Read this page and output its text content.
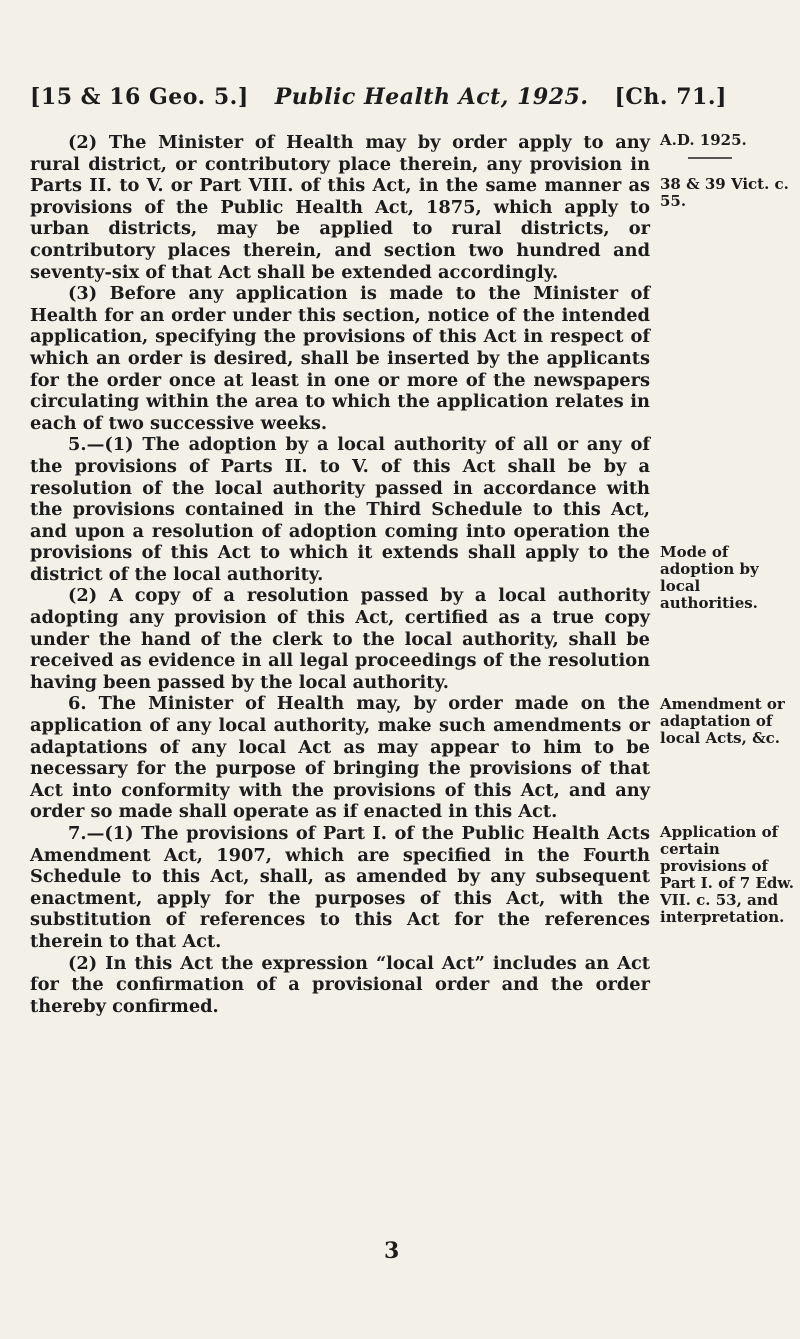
[15 & 16 Geo. 5.] Public Health Act, 1925. [Ch. 71.]

(2) The Minister of Health may by order apply to any rural district, or contributory place therein, any provision in Parts II. to V. or Part VIII. of this Act, in the same manner as provisions of the Public Health Act, 1875, which apply to urban districts, may be applied to rural districts, or contributory places therein, and section two hundred and seventy-six of that Act shall be extended accordingly.

(3) Before any application is made to the Minister of Health for an order under this section, notice of the intended application, specifying the provisions of this Act in respect of which an order is desired, shall be inserted by the applicants for the order once at least in one or more of the newspapers circulating within the area to which the application relates in each of two successive weeks.

5.—(1) The adoption by a local authority of all or any of the provisions of Parts II. to V. of this Act shall be by a resolution of the local authority passed in accordance with the provisions contained in the Third Schedule to this Act, and upon a resolution of adoption coming into operation the provisions of this Act to which it extends shall apply to the district of the local authority.

(2) A copy of a resolution passed by a local authority adopting any provision of this Act, certified as a true copy under the hand of the clerk to the local authority, shall be received as evidence in all legal proceedings of the resolution having been passed by the local authority.

6. The Minister of Health may, by order made on the application of any local authority, make such amendments or adaptations of any local Act as may appear to him to be necessary for the purpose of bringing the provisions of that Act into conformity with the provisions of this Act, and any order so made shall operate as if enacted in this Act.

7.—(1) The provisions of Part I. of the Public Health Acts Amendment Act, 1907, which are specified in the Fourth Schedule to this Act, shall, as amended by any subsequent enactment, apply for the purposes of this Act, with the substitution of references to this Act for the references therein to that Act.

(2) In this Act the expression “local Act” includes an Act for the confirmation of a provisional order and the order thereby confirmed.

A.D. 1925.
38 & 39 Vict. c. 55.
Mode of adoption by local authorities.
Amendment or adaptation of local Acts, &c.
Application of certain provisions of Part I. of 7 Edw. VII. c. 53, and interpretation.
3
